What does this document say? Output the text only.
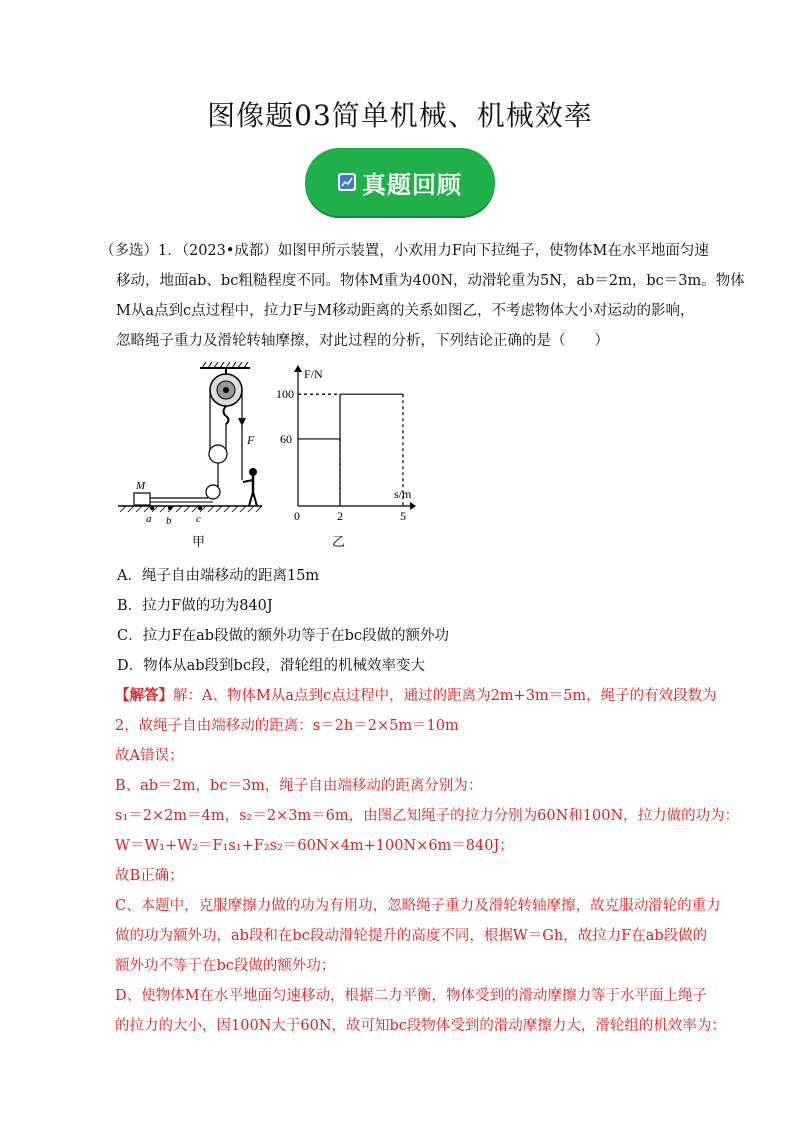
图像题03简单机械、机械效率
真题回顾
（多选）1．（2023•成都）如图甲所示装置，小欢用力F向下拉绳子，使物体M在水平地面匀速
移动，地面ab、bc粗糙程度不同。物体M重为400N，动滑轮重为5N，ab＝2m，bc＝3m。物体
M从a点到c点过程中，拉力F与M移动距离的关系如图乙，不考虑物体大小对运动的影响，
忽略绳子重力及滑轮转轴摩擦，对此过程的分析，下列结论正确的是（　　）
M
a b c
F
甲
F/N
s/m
0
100
60
2	5
乙
A．绳子自由端移动的距离15m
B．拉力F做的功为840J
C．拉力F在ab段做的额外功等于在bc段做的额外功
D．物体从ab段到bc段，滑轮组的机械效率变大
【解答】解：A、物体M从a点到c点过程中，通过的距离为2m+3m＝5m，绳子的有效段数为
2，故绳子自由端移动的距离：s＝2h＝2×5m＝10m
故A错误；
B、ab＝2m，bc＝3m，绳子自由端移动的距离分别为：
s₁＝2×2m＝4m，s₂＝2×3m＝6m，由图乙知绳子的拉力分别为60N和100N，拉力做的功为：
W＝W₁+W₂＝F₁s₁+F₂s₂＝60N×4m+100N×6m＝840J；
故B正确；
C、本题中，克服摩擦力做的功为有用功，忽略绳子重力及滑轮转轴摩擦，故克服动滑轮的重力
做的功为额外功，ab段和在bc段动滑轮提升的高度不同，根据W＝Gh，故拉力F在ab段做的
额外功不等于在bc段做的额外功；
D、使物体M在水平地面匀速移动，根据二力平衡，物体受到的滑动摩擦力等于水平面上绳子
的拉力的大小，因100N大于60N，故可知bc段物体受到的滑动摩擦力大，滑轮组的机效率为：
